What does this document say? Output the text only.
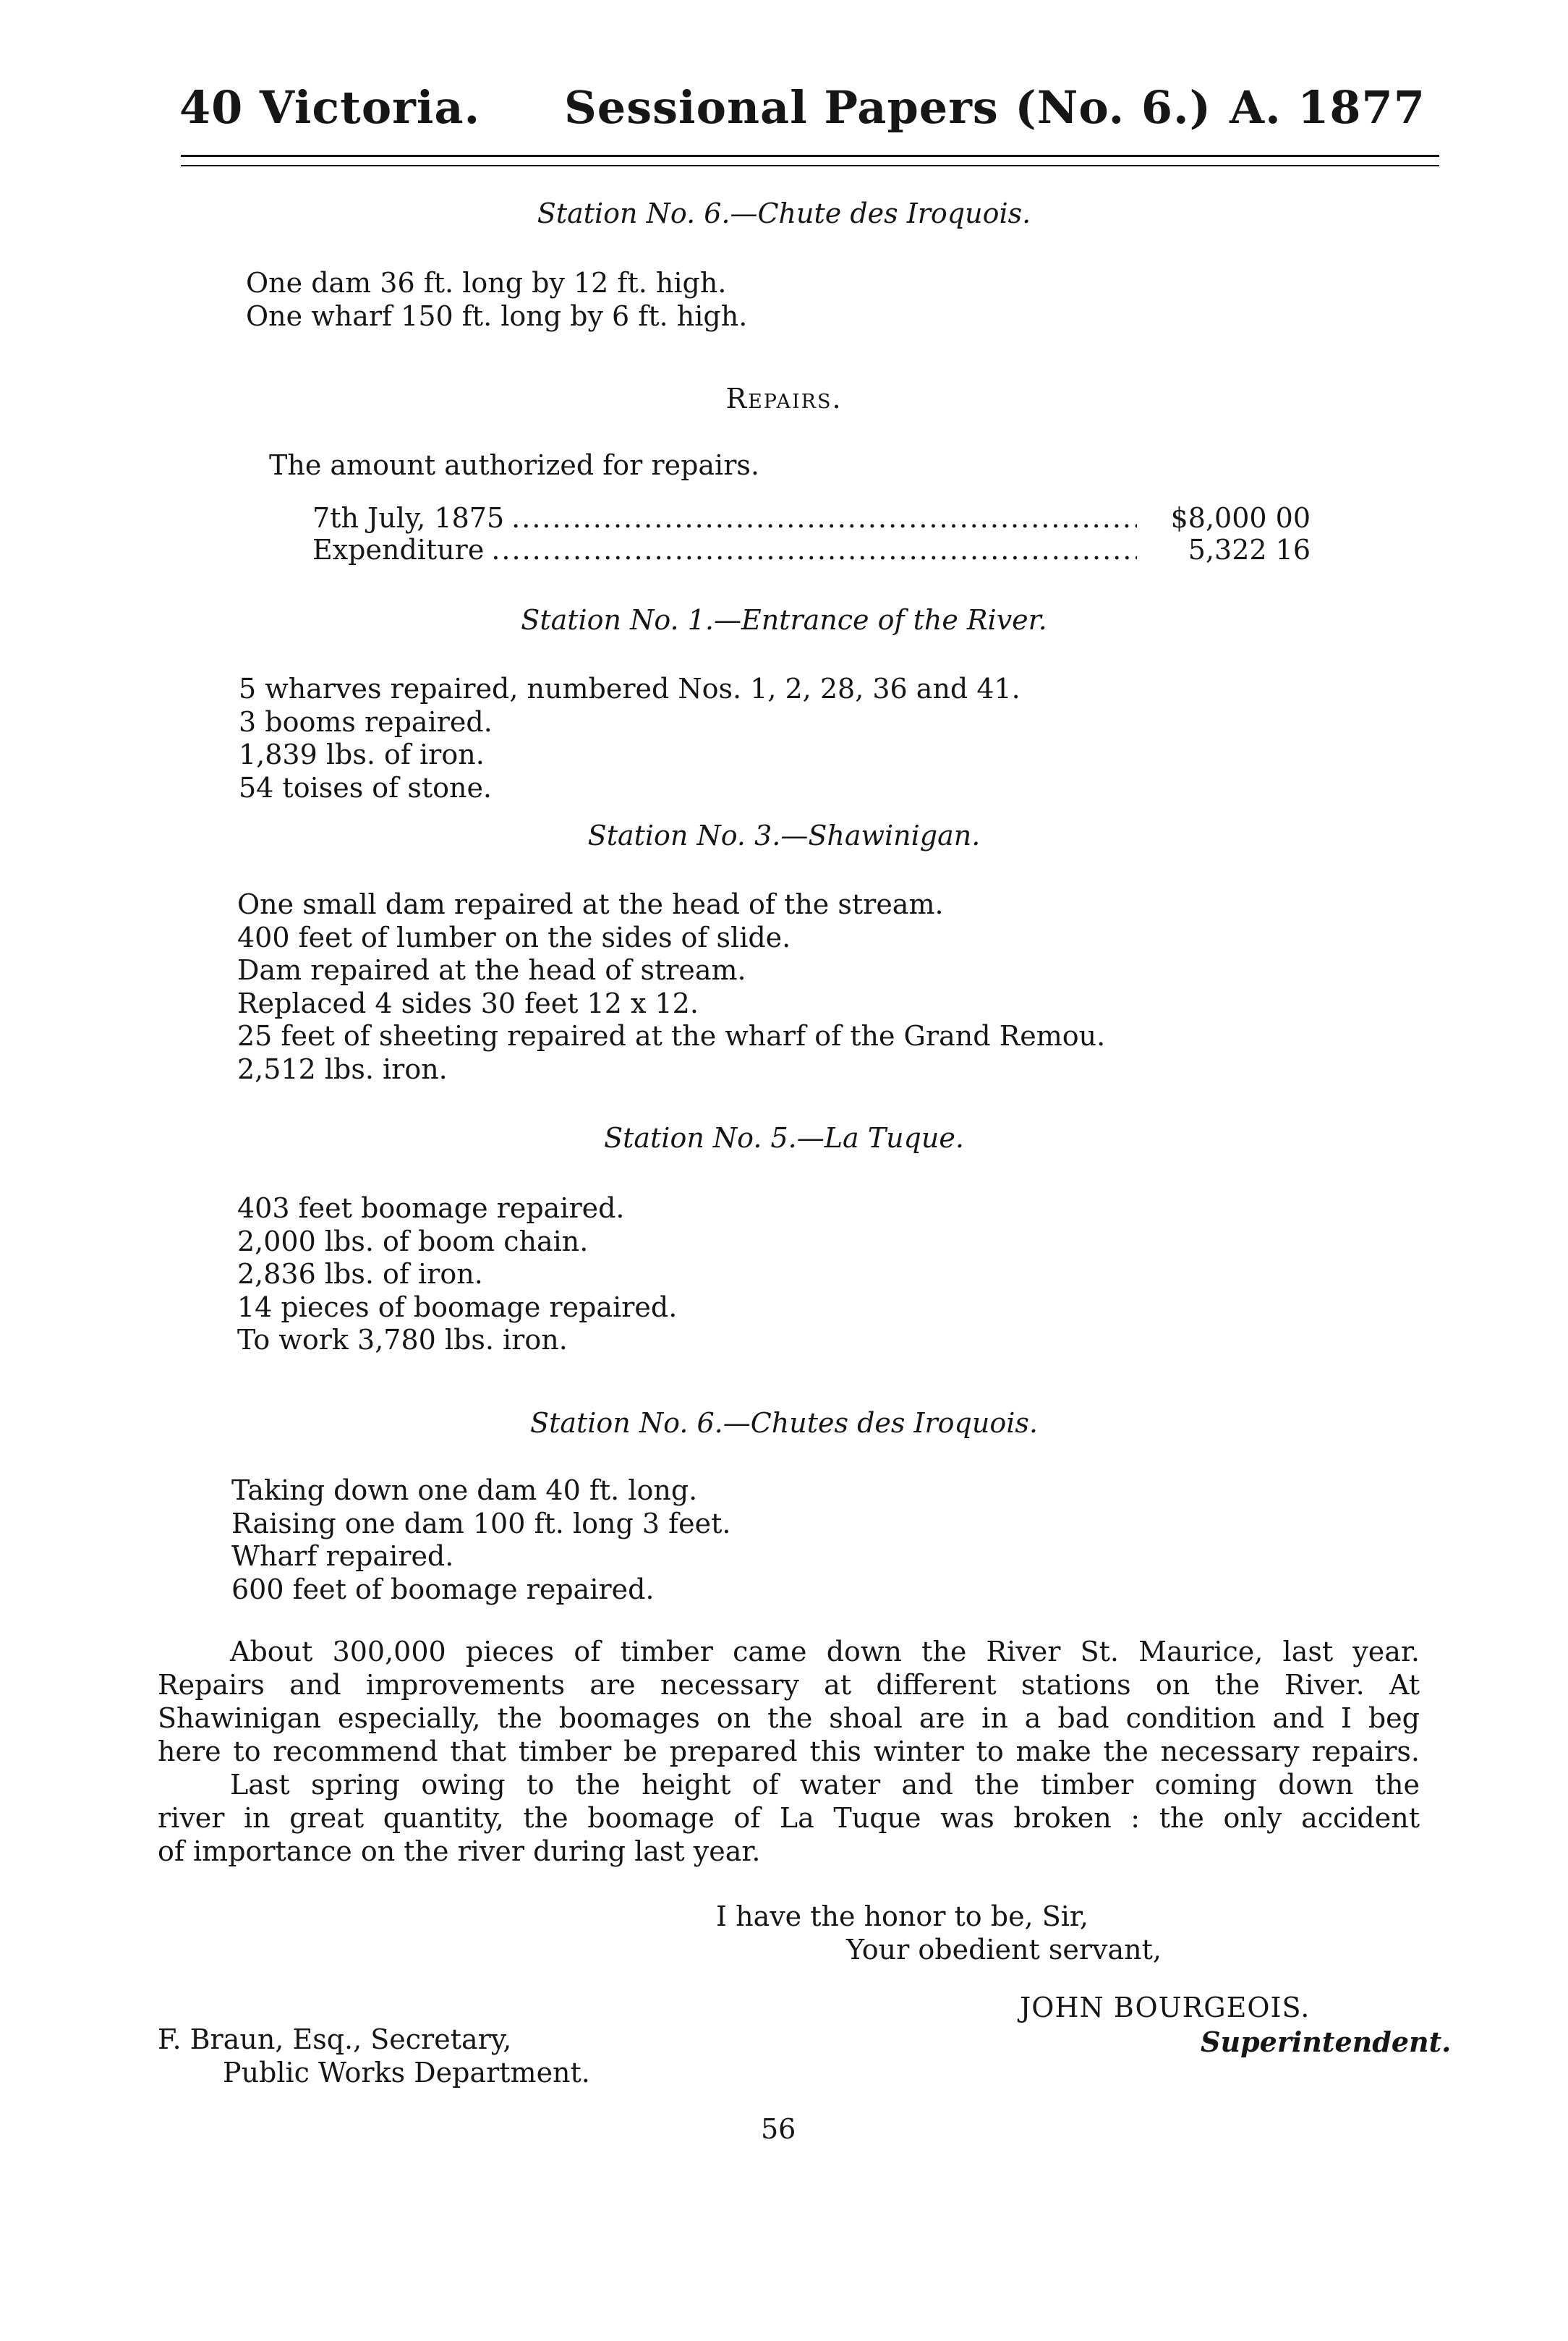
40 Victoria. Sessional Papers (No. 6.) A. 1877
Station No. 6.—Chute des Iroquois.
One dam 36 ft. long by 12 ft. high.
One wharf 150 ft. long by 6 ft. high.
Repairs.
The amount authorized for repairs.
7th July, 1875 .....	$8,000 00
Expenditure .....	5,322 16
Station No. 1.—Entrance of the River.
5 wharves repaired, numbered Nos. 1, 2, 28, 36 and 41.
3 booms repaired.
1,839 lbs. of iron.
54 toises of stone.
Station No. 3.—Shawinigan.
One small dam repaired at the head of the stream.
400 feet of lumber on the sides of slide.
Dam repaired at the head of stream.
Replaced 4 sides 30 feet 12 x 12.
25 feet of sheeting repaired at the wharf of the Grand Remou.
2,512 lbs. iron.
Station No. 5.—La Tuque.
403 feet boomage repaired.
2,000 lbs. of boom chain.
2,836 lbs. of iron.
14 pieces of boomage repaired.
To work 3,780 lbs. iron.
Station No. 6.—Chutes des Iroquois.
Taking down one dam 40 ft. long.
Raising one dam 100 ft. long 3 feet.
Wharf repaired.
600 feet of boomage repaired.
About 300,000 pieces of timber came down the River St. Maurice, last year.
Repairs and improvements are necessary at different stations on the River. At
Shawinigan especially, the boomages on the shoal are in a bad condition and I beg
here to recommend that timber be prepared this winter to make the necessary repairs.
Last spring owing to the height of water and the timber coming down the
river in great quantity, the boomage of La Tuque was broken : the only accident
of importance on the river during last year.
I have the honor to be, Sir,
Your obedient servant,
JOHN BOURGEOIS.
Superintendent.
F. Braun, Esq., Secretary,
Public Works Department.
56
